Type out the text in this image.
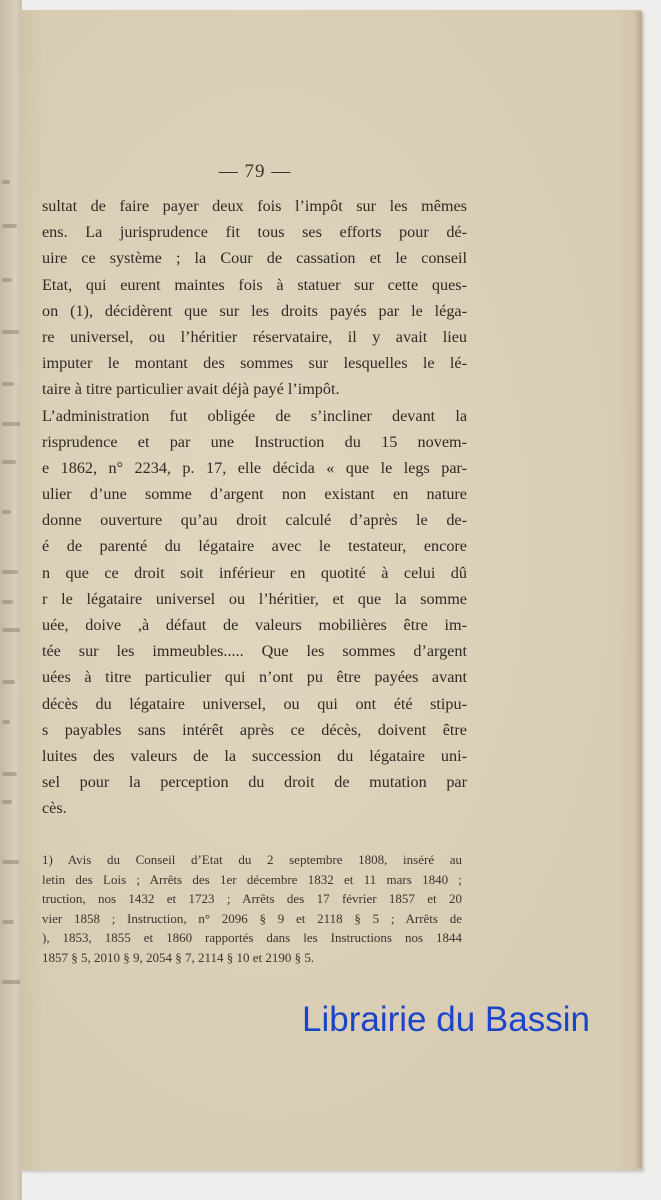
— 79 —
sultat de faire payer deux fois l’impôt sur les mêmes
ens. La jurisprudence fit tous ses efforts pour dé-
uire ce système ; la Cour de cassation et le conseil
Etat, qui eurent maintes fois à statuer sur cette ques-
on (1), décidèrent que sur les droits payés par le léga-
re universel, ou l’héritier réservataire, il y avait lieu
imputer le montant des sommes sur lesquelles le lé-
taire à titre particulier avait déjà payé l’impôt.
L’administration fut obligée de s’incliner devant la
risprudence et par une Instruction du 15 novem-
e 1862, n° 2234, p. 17, elle décida « que le legs par-
ulier d’une somme d’argent non existant en nature
donne ouverture qu’au droit calculé d’après le de-
é de parenté du légataire avec le testateur, encore
n que ce droit soit inférieur en quotité à celui dû
r le légataire universel ou l’héritier, et que la somme
uée, doive ,à défaut de valeurs mobilières être im-
tée sur les immeubles..... Que les sommes d’argent
uées à titre particulier qui n’ont pu être payées avant
décès du légataire universel, ou qui ont été stipu-
s payables sans intérêt après ce décès, doivent être
luites des valeurs de la succession du légataire uni-
sel pour la perception du droit de mutation par
cès.
1) Avis du Conseil d’Etat du 2 septembre 1808, inséré au
letin des Lois ; Arrêts des 1er décembre 1832 et 11 mars 1840 ;
truction, nos 1432 et 1723 ; Arrêts des 17 février 1857 et 20
vier 1858 ; Instruction, n° 2096 § 9 et 2118 § 5 ; Arrêts de
), 1853, 1855 et 1860 rapportés dans les Instructions nos 1844
1857 § 5, 2010 § 9, 2054 § 7, 2114 § 10 et 2190 § 5.
Librairie du Bassin
